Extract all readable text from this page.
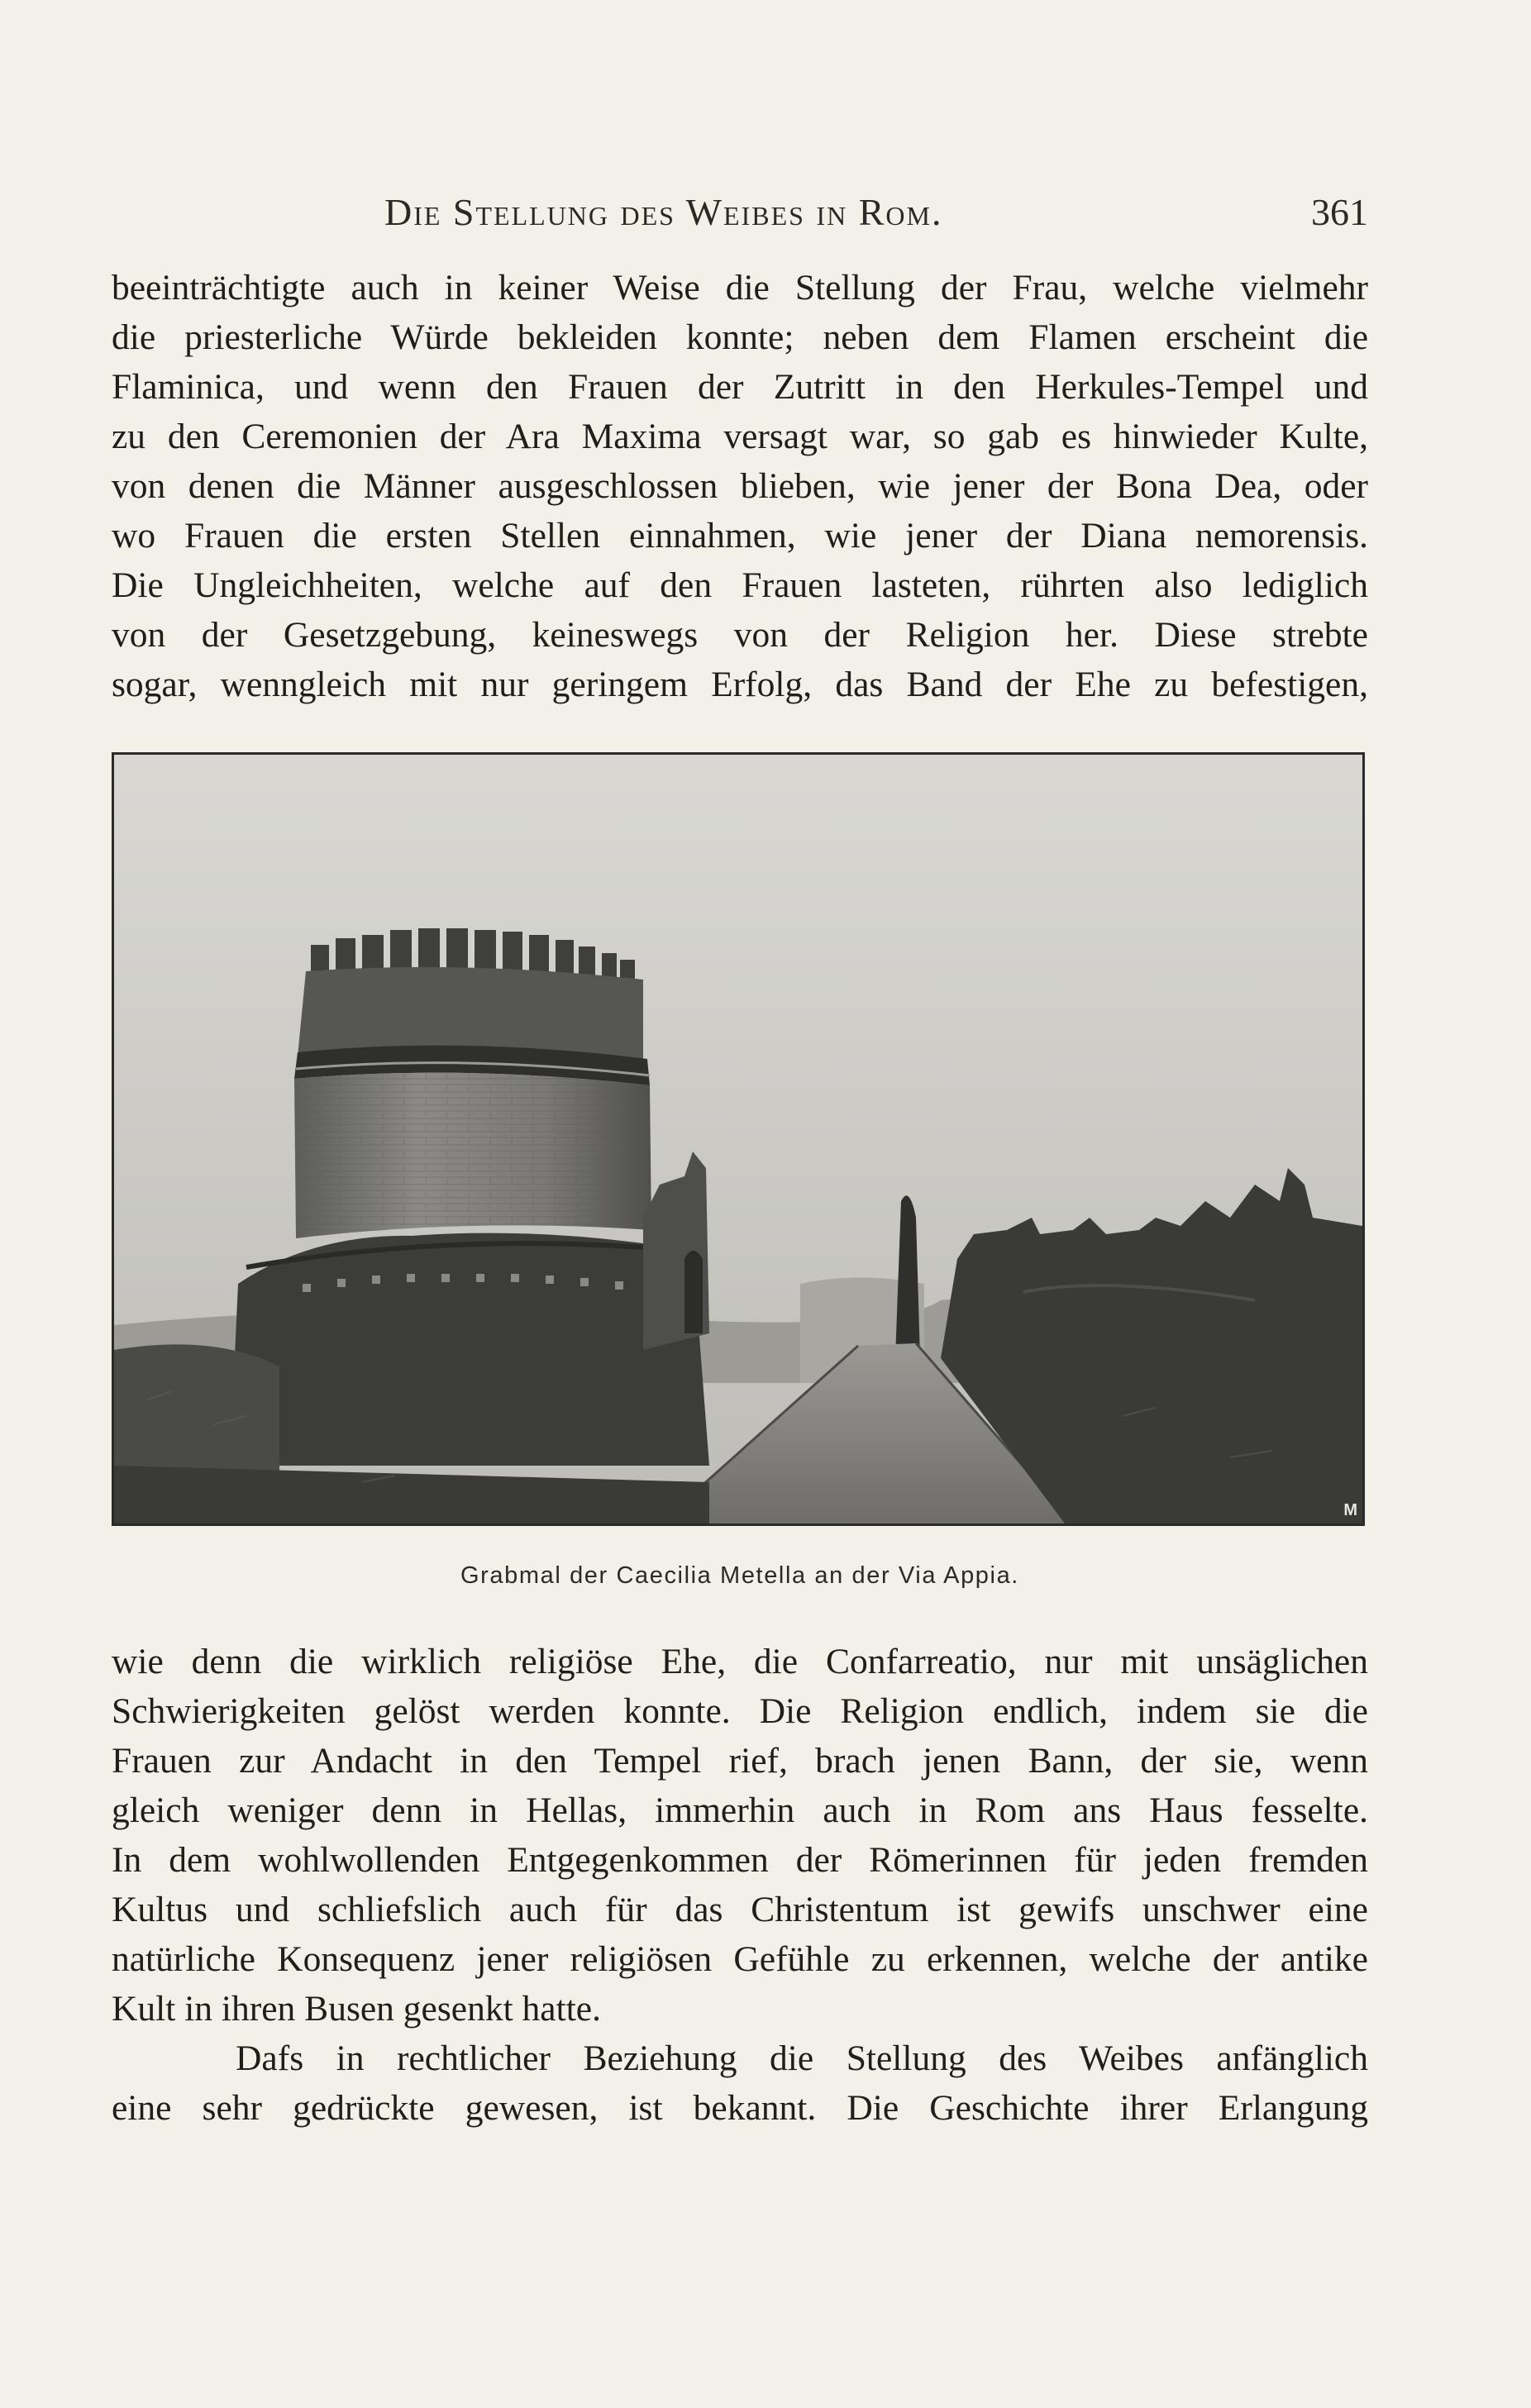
Die Stellung des Weibes in Rom.	361
beeinträchtigte auch in keiner Weise die Stellung der Frau, welche vielmehr
die priesterliche Würde bekleiden konnte; neben dem Flamen erscheint die
Flaminica, und wenn den Frauen der Zutritt in den Herkules-Tempel und
zu den Ceremonien der Ara Maxima versagt war, so gab es hinwieder Kulte,
von denen die Männer ausgeschlossen blieben, wie jener der Bona Dea, oder
wo Frauen die ersten Stellen einnahmen, wie jener der Diana nemorensis.
Die Ungleichheiten, welche auf den Frauen lasteten, rührten also lediglich
von der Gesetzgebung, keineswegs von der Religion her. Diese strebte
sogar, wenngleich mit nur geringem Erfolg, das Band der Ehe zu befestigen,
M
Grabmal der Caecilia Metella an der Via Appia.
wie denn die wirklich religiöse Ehe, die Confarreatio, nur mit unsäglichen
Schwierigkeiten gelöst werden konnte. Die Religion endlich, indem sie die
Frauen zur Andacht in den Tempel rief, brach jenen Bann, der sie, wenn
gleich weniger denn in Hellas, immerhin auch in Rom ans Haus fesselte.
In dem wohlwollenden Entgegenkommen der Römerinnen für jeden fremden
Kultus und schliefslich auch für das Christentum ist gewifs unschwer eine
natürliche Konsequenz jener religiösen Gefühle zu erkennen, welche der antike
Kult in ihren Busen gesenkt hatte.
Dafs in rechtlicher Beziehung die Stellung des Weibes anfänglich
eine sehr gedrückte gewesen, ist bekannt. Die Geschichte ihrer Erlangung
